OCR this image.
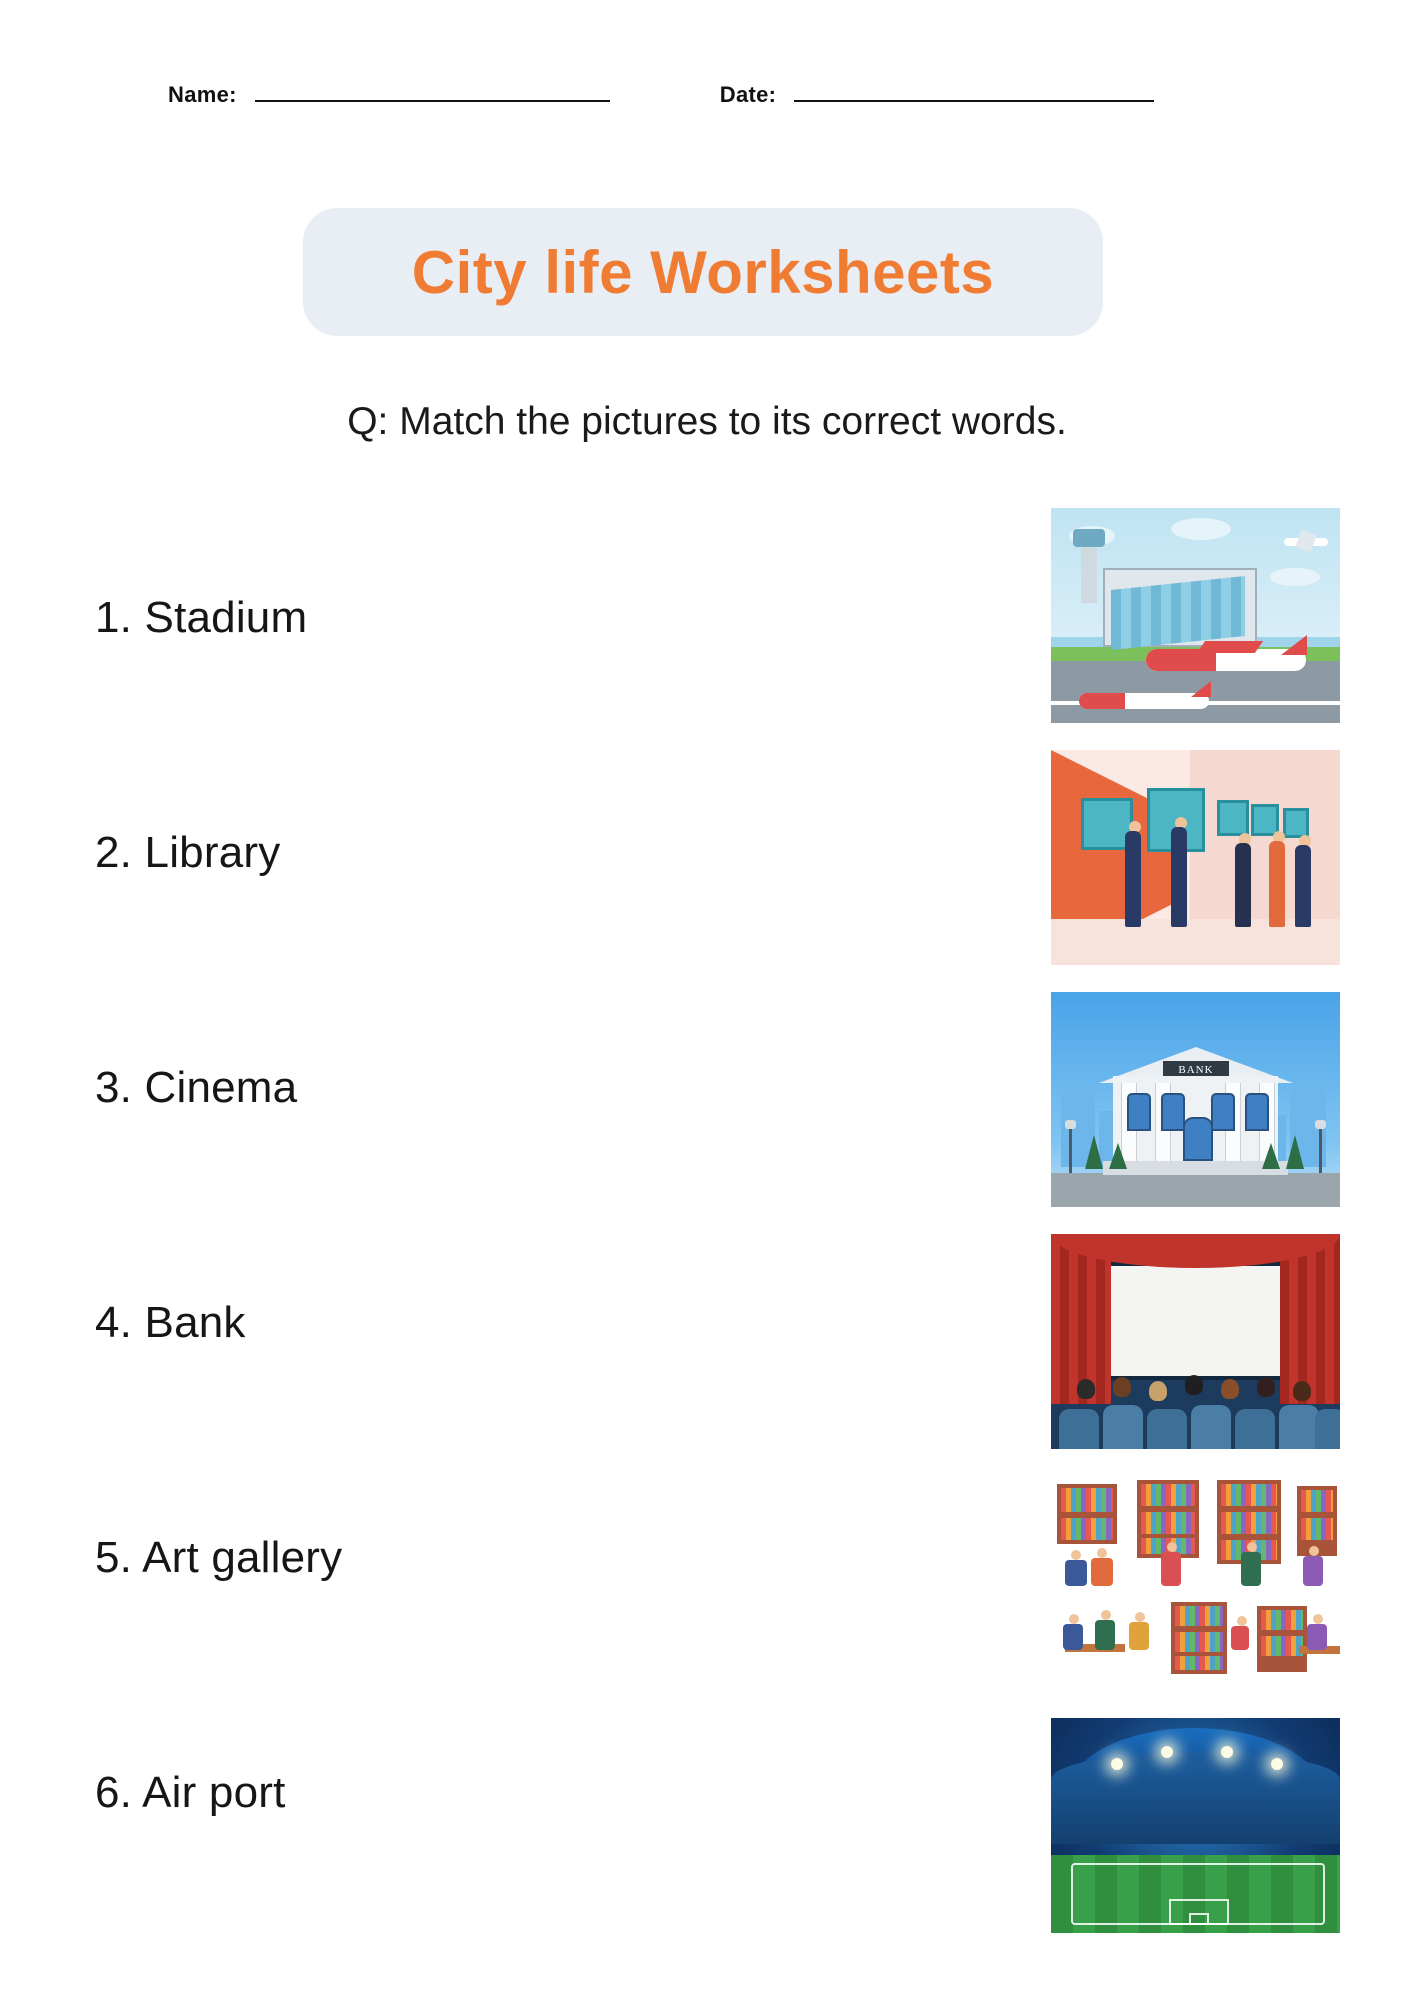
Name:	Date:
City life Worksheets
Q: Match the pictures to its correct words.
1. Stadium
2. Library
3. Cinema
4. Bank
5. Art gallery
6. Air port
BANK
